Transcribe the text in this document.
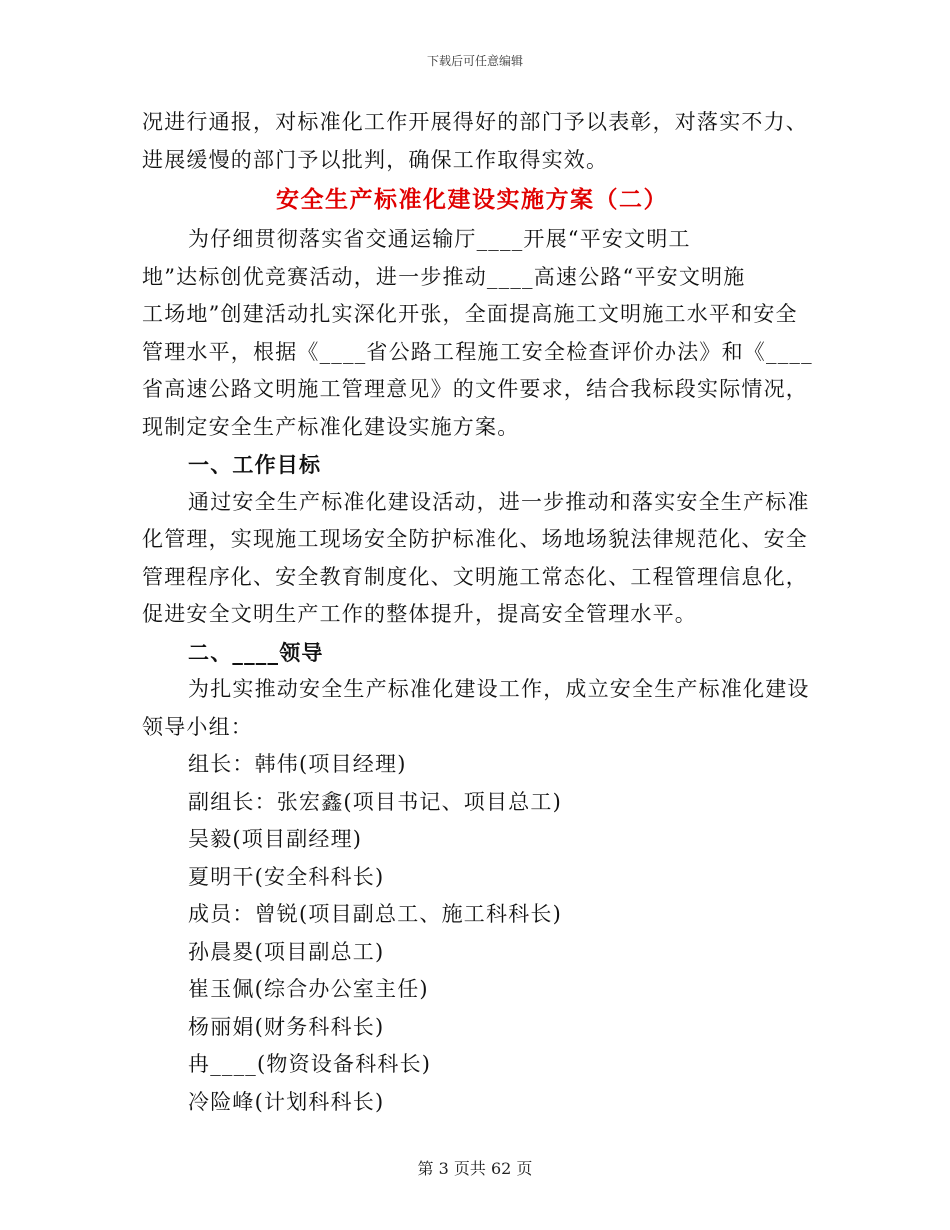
下载后可任意编辑
况进行通报，对标准化工作开展得好的部门予以表彰，对落实不力、
进展缓慢的部门予以批判，确保工作取得实效。
安全生产标准化建设实施方案（二）
为仔细贯彻落实省交通运输厅____开展“平安文明工
地”达标创优竞赛活动，进一步推动____高速公路“平安文明施
工场地”创建活动扎实深化开张，全面提高施工文明施工水平和安全
管理水平，根据《____省公路工程施工安全检查评价办法》和《____
省高速公路文明施工管理意见》的文件要求，结合我标段实际情况，
现制定安全生产标准化建设实施方案。
一、工作目标
通过安全生产标准化建设活动，进一步推动和落实安全生产标准
化管理，实现施工现场安全防护标准化、场地场貌法律规范化、安全
管理程序化、安全教育制度化、文明施工常态化、工程管理信息化，
促进安全文明生产工作的整体提升，提高安全管理水平。
二、____领导
为扎实推动安全生产标准化建设工作，成立安全生产标准化建设
领导小组：
组长：韩伟(项目经理)
副组长：张宏鑫(项目书记、项目总工)
吴毅(项目副经理)
夏明干(安全科科长)
成员：曾锐(项目副总工、施工科科长)
孙晨畟(项目副总工)
崔玉佩(综合办公室主任)
杨丽娟(财务科科长)
冉____(物资设备科科长)
冷险峰(计划科科长)
第 3 页共 62 页
